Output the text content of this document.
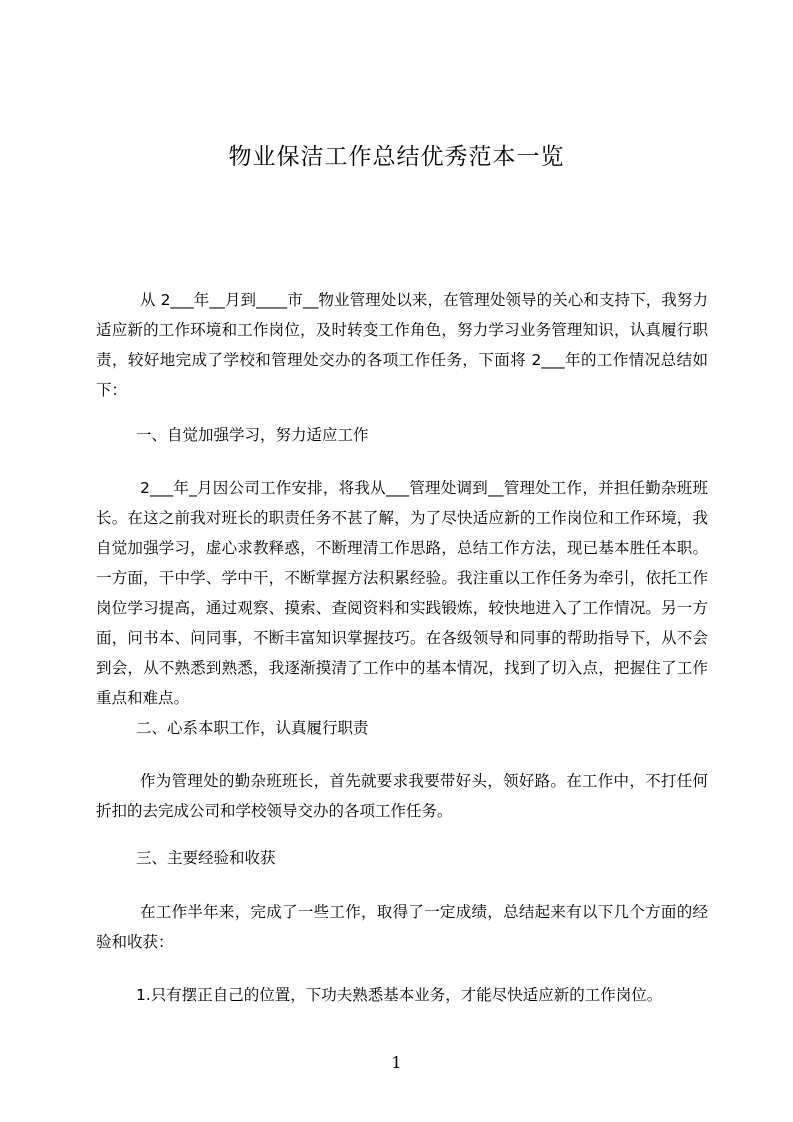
物业保洁工作总结优秀范本一览

从 2___年__月到____市__物业管理处以来，在管理处领导的关心和支持下，我努力适应新的工作环境和工作岗位，及时转变工作角色，努力学习业务管理知识，认真履行职责，较好地完成了学校和管理处交办的各项工作任务，下面将 2___年的工作情况总结如下：

一、自觉加强学习，努力适应工作

2___年_月因公司工作安排，将我从___管理处调到__管理处工作，并担任勤杂班班长。在这之前我对班长的职责任务不甚了解，为了尽快适应新的工作岗位和工作环境，我自觉加强学习，虚心求教释惑，不断理清工作思路，总结工作方法，现已基本胜任本职。一方面，干中学、学中干，不断掌握方法积累经验。我注重以工作任务为牵引，依托工作岗位学习提高，通过观察、摸索、查阅资料和实践锻炼，较快地进入了工作情况。另一方面，问书本、问同事，不断丰富知识掌握技巧。在各级领导和同事的帮助指导下，从不会到会，从不熟悉到熟悉，我逐渐摸清了工作中的基本情况，找到了切入点，把握住了工作重点和难点。

二、心系本职工作，认真履行职责

作为管理处的勤杂班班长，首先就要求我要带好头，领好路。在工作中，不打任何折扣的去完成公司和学校领导交办的各项工作任务。

三、主要经验和收获

在工作半年来，完成了一些工作，取得了一定成绩，总结起来有以下几个方面的经验和收获：

1.只有摆正自己的位置，下功夫熟悉基本业务，才能尽快适应新的工作岗位。

1
